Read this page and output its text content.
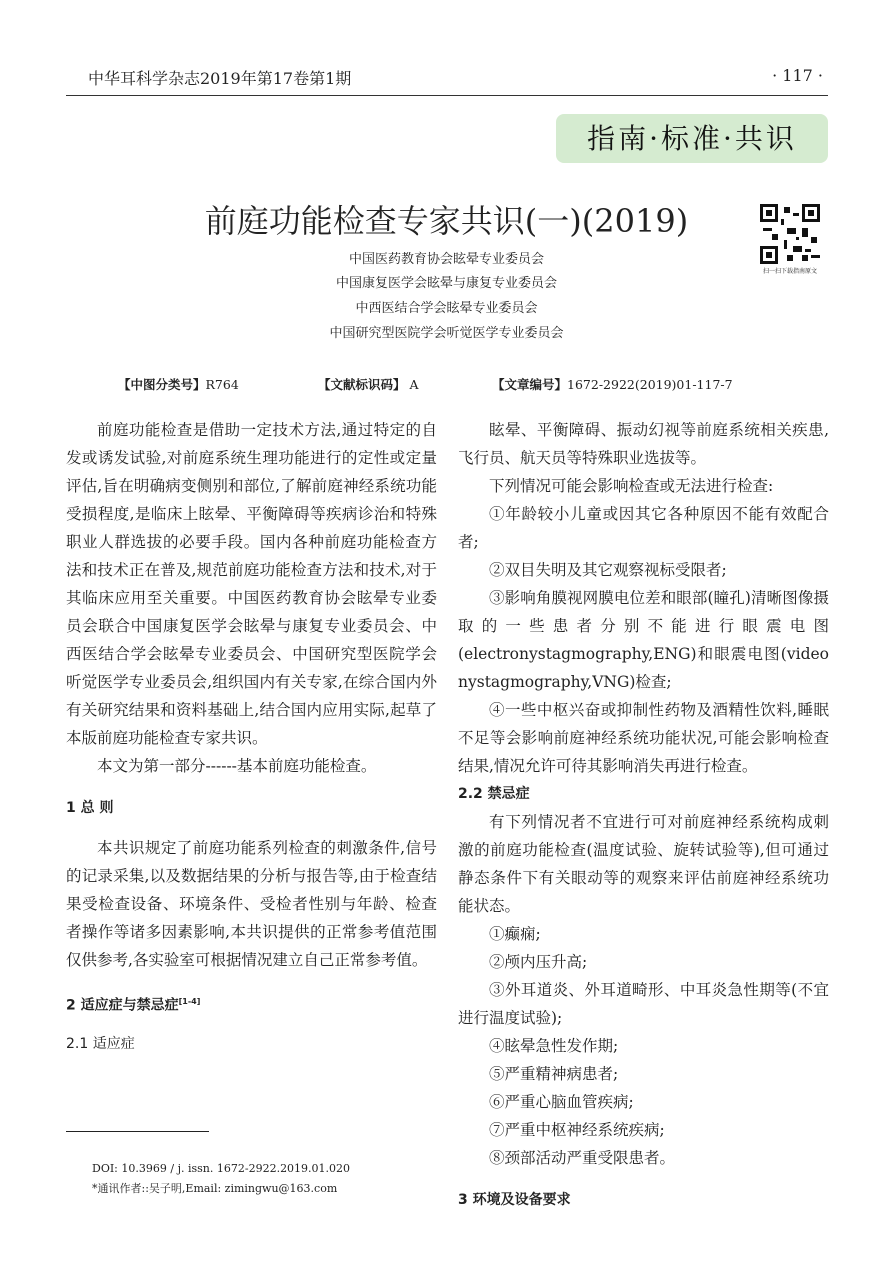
中华耳科学杂志2019年第17卷第1期	· 117 ·
指南·标准·共识
前庭功能检查专家共识(一)(2019)
扫一扫下载指南原文
中国医药教育协会眩晕专业委员会
中国康复医学会眩晕与康复专业委员会
中西医结合学会眩晕专业委员会
中国研究型医院学会听觉医学专业委员会
【中图分类号】R764	【文献标识码】 A	【文章编号】1672-2922(2019)01-117-7

前庭功能检查是借助一定技术方法,通过特定的自发或诱发试验,对前庭系统生理功能进行的定性或定量评估,旨在明确病变侧别和部位,了解前庭神经系统功能受损程度,是临床上眩晕、平衡障碍等疾病诊治和特殊职业人群选拔的必要手段。国内各种前庭功能检查方法和技术正在普及,规范前庭功能检查方法和技术,对于其临床应用至关重要。中国医药教育协会眩晕专业委员会联合中国康复医学会眩晕与康复专业委员会、中西医结合学会眩晕专业委员会、中国研究型医院学会听觉医学专业委员会,组织国内有关专家,在综合国内外有关研究结果和资料基础上,结合国内应用实际,起草了本版前庭功能检查专家共识。

本文为第一部分------基本前庭功能检查。

1 总 则

本共识规定了前庭功能系列检查的刺激条件,信号的记录采集,以及数据结果的分析与报告等,由于检查结果受检查设备、环境条件、受检者性别与年龄、检查者操作等诸多因素影响,本共识提供的正常参考值范围仅供参考,各实验室可根据情况建立自己正常参考值。

2 适应症与禁忌症[1-4]

2.1 适应症

眩晕、平衡障碍、振动幻视等前庭系统相关疾患,飞行员、航天员等特殊职业选拔等。

下列情况可能会影响检查或无法进行检查:

①年龄较小儿童或因其它各种原因不能有效配合者;

②双目失明及其它观察视标受限者;

③影响角膜视网膜电位差和眼部(瞳孔)清晰图像摄取的一些患者分别不能进行眼震电图(electronystagmography,ENG)和眼震电图(video nystagmography,VNG)检查;

④一些中枢兴奋或抑制性药物及酒精性饮料,睡眠不足等会影响前庭神经系统功能状况,可能会影响检查结果,情况允许可待其影响消失再进行检查。

2.2 禁忌症

有下列情况者不宜进行可对前庭神经系统构成刺激的前庭功能检查(温度试验、旋转试验等),但可通过静态条件下有关眼动等的观察来评估前庭神经系统功能状态。

①癫痫;

②颅内压升高;

③外耳道炎、外耳道畸形、中耳炎急性期等(不宜进行温度试验);

④眩晕急性发作期;

⑤严重精神病患者;

⑥严重心脑血管疾病;

⑦严重中枢神经系统疾病;

⑧颈部活动严重受限患者。

3 环境及设备要求

DOI: 10.3969 / j. issn. 1672-2922.2019.01.020
*通讯作者::吴子明,Email: zimingwu@163.com
